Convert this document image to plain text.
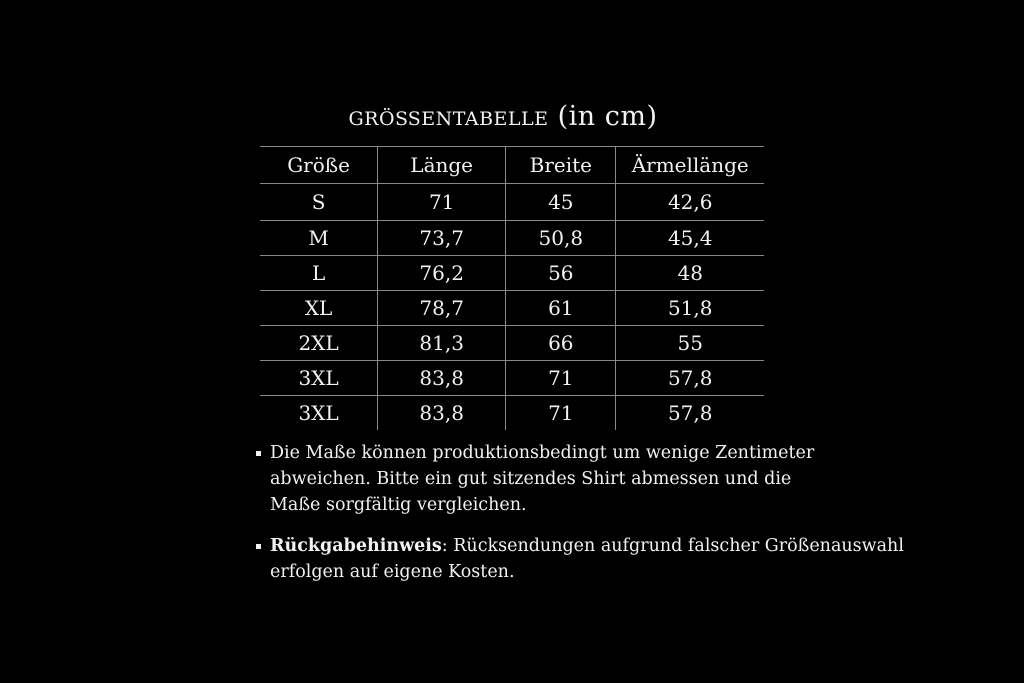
größentabelle (in cm)
Größe	Länge	Breite	Ärmellänge
S	71	45	42,6
M	73,7	50,8	45,4
L	76,2	56	48
XL	78,7	61	51,8
2XL	81,3	66	55
3XL	83,8	71	57,8
3XL	83,8	71	57,8
Die Maße können produktionsbedingt um wenige Zentimeter
abweichen. Bitte ein gut sitzendes Shirt abmessen und die
Maße sorgfältig vergleichen.
Rückgabehinweis: Rücksendungen aufgrund falscher Größenauswahl
erfolgen auf eigene Kosten.
